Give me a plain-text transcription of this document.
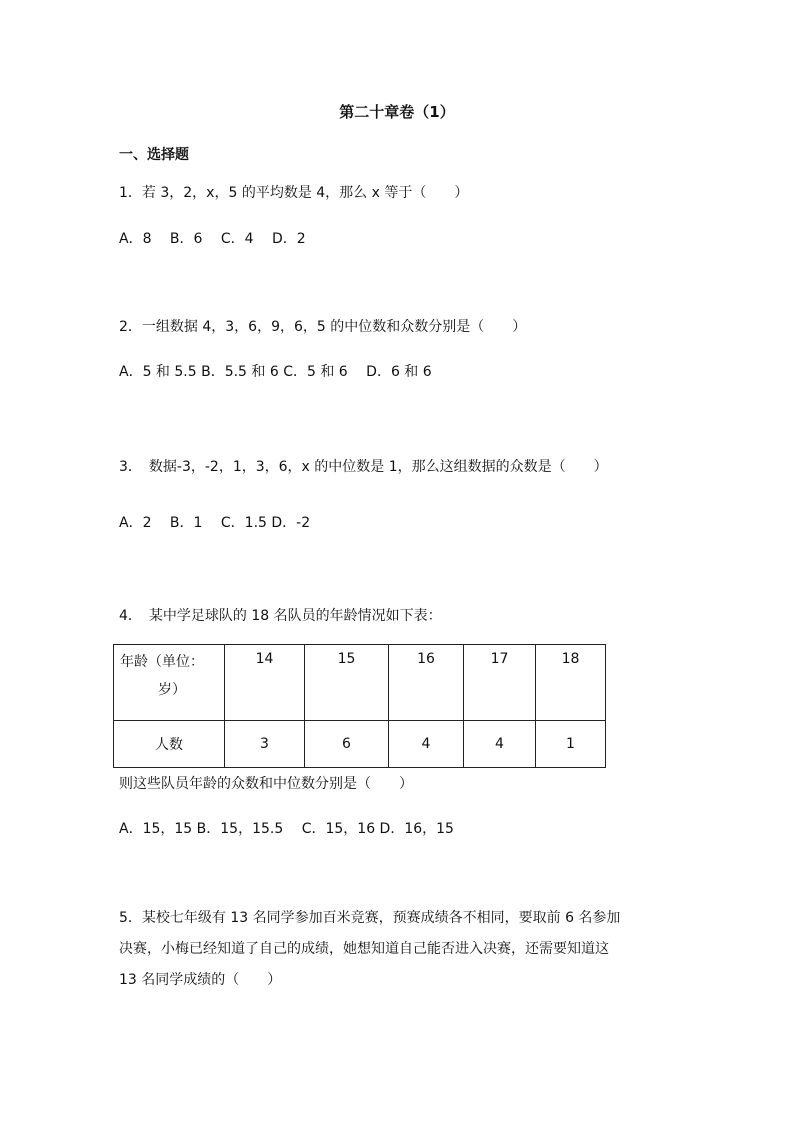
第二十章卷（1）
一、选择题
1．若 3，2，x，5 的平均数是 4，那么 x 等于（　　）
A．8　 B．6　 C．4　 D．2
2．一组数据 4，3，6，9，6，5 的中位数和众数分别是（　　）
A．5 和 5.5 B．5.5 和 6 C．5 和 6　 D．6 和 6
3．　数据-3，-2，1，3，6，x 的中位数是 1，那么这组数据的众数是（　　）
A．2　 B．1　 C．1.5 D．-2
4．　某中学足球队的 18 名队员的年龄情况如下表：
年龄（单位：
岁）	14	15	16	17	18
人数	3	6	4	4	1
则这些队员年龄的众数和中位数分别是（　　）
A．15，15 B．15，15.5　 C．15，16 D．16，15
5．某校七年级有 13 名同学参加百米竞赛，预赛成绩各不相同，要取前 6 名参加
决赛，小梅已经知道了自己的成绩，她想知道自己能否进入决赛，还需要知道这
13 名同学成绩的（　　）
